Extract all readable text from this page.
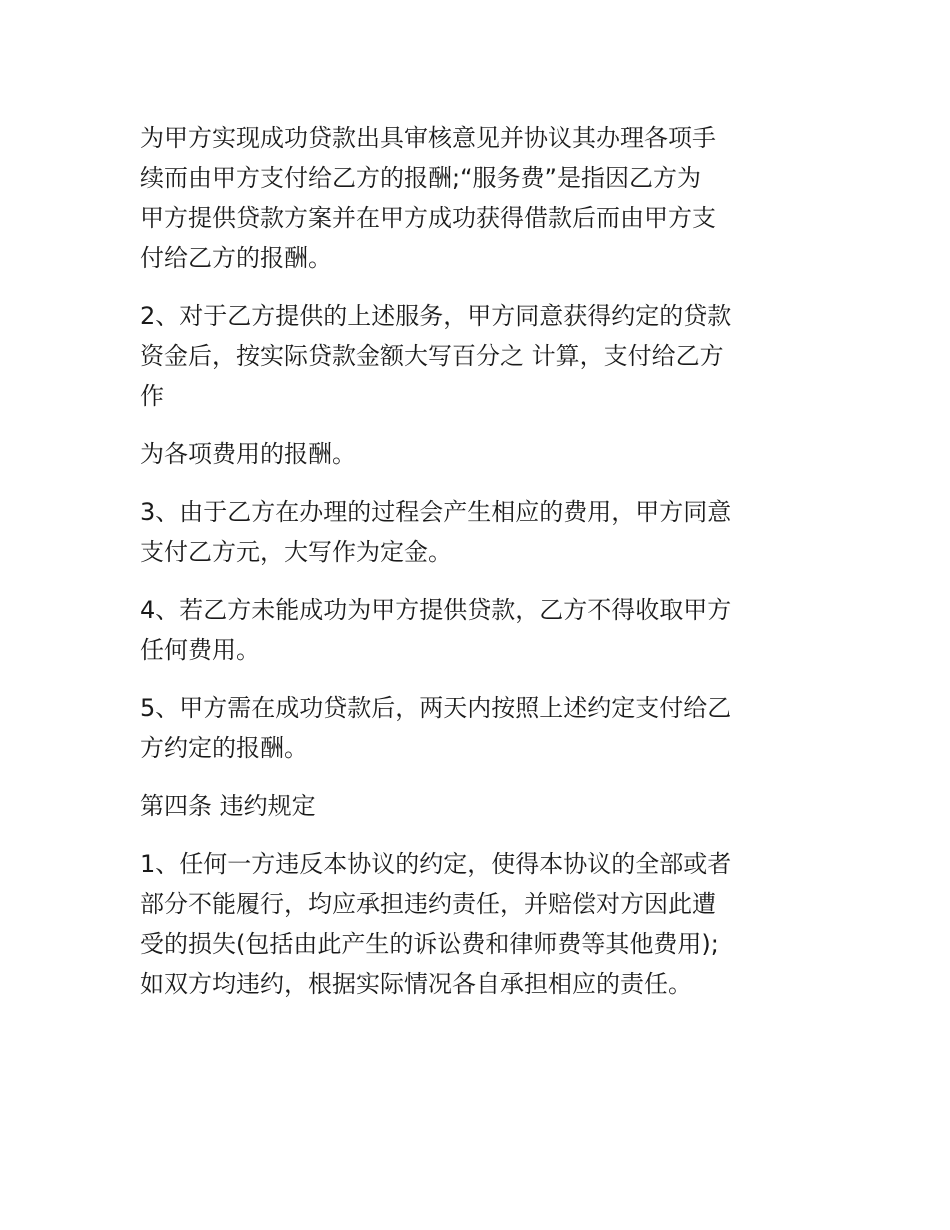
为甲方实现成功贷款出具审核意见并协议其办理各项手
续而由甲方支付给乙方的报酬;“服务费”是指因乙方为
甲方提供贷款方案并在甲方成功获得借款后而由甲方支
付给乙方的报酬。

2、对于乙方提供的上述服务，甲方同意获得约定的贷款
资金后，按实际贷款金额大写百分之 计算，支付给乙方
作

为各项费用的报酬。

3、由于乙方在办理的过程会产生相应的费用，甲方同意
支付乙方元，大写作为定金。

4、若乙方未能成功为甲方提供贷款，乙方不得收取甲方
任何费用。

5、甲方需在成功贷款后，两天内按照上述约定支付给乙
方约定的报酬。

第四条 违约规定

1、任何一方违反本协议的约定，使得本协议的全部或者
部分不能履行，均应承担违约责任，并赔偿对方因此遭
受的损失(包括由此产生的诉讼费和律师费等其他费用);
如双方均违约，根据实际情况各自承担相应的责任。
